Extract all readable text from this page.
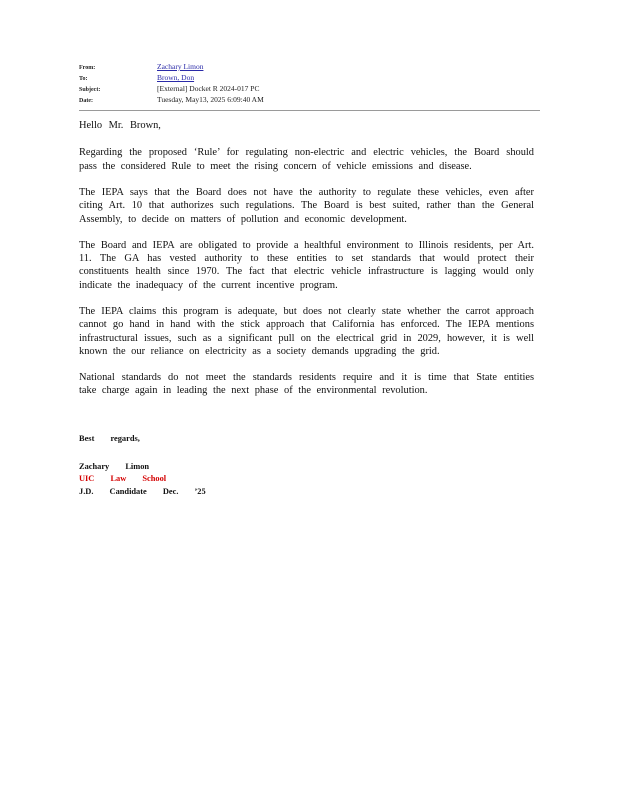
From:	Zachary Limon
To:	Brown, Don
Subject:	[External] Docket R 2024-017 PC
Date:	Tuesday, May13, 2025 6:09:40 AM

Hello Mr. Brown,

Regarding the proposed ‘Rule’ for regulating non-electric and electric vehicles, the Board should pass the considered Rule to meet the rising concern of vehicle emissions and disease.

The IEPA says that the Board does not have the authority to regulate these vehicles, even after citing Art. 10 that authorizes such regulations. The Board is best suited, rather than the General Assembly, to decide on matters of pollution and economic development.

The Board and IEPA are obligated to provide a healthful environment to Illinois residents, per Art. 11. The GA has vested authority to these entities to set standards that would protect their constituents health since 1970. The fact that electric vehicle infrastructure is lagging would only indicate the inadequacy of the current incentive program.

The IEPA claims this program is adequate, but does not clearly state whether the carrot approach cannot go hand in hand with the stick approach that California has enforced. The IEPA mentions infrastructural issues, such as a significant pull on the electrical grid in 2029, however, it is well known the our reliance on electricity as a society demands upgrading the grid.

National standards do not meet the standards residents require and it is time that State entities take charge again in leading the next phase of the environmental revolution.

Best regards,
Zachary Limon
UIC Law School
J.D. Candidate Dec. ’25
